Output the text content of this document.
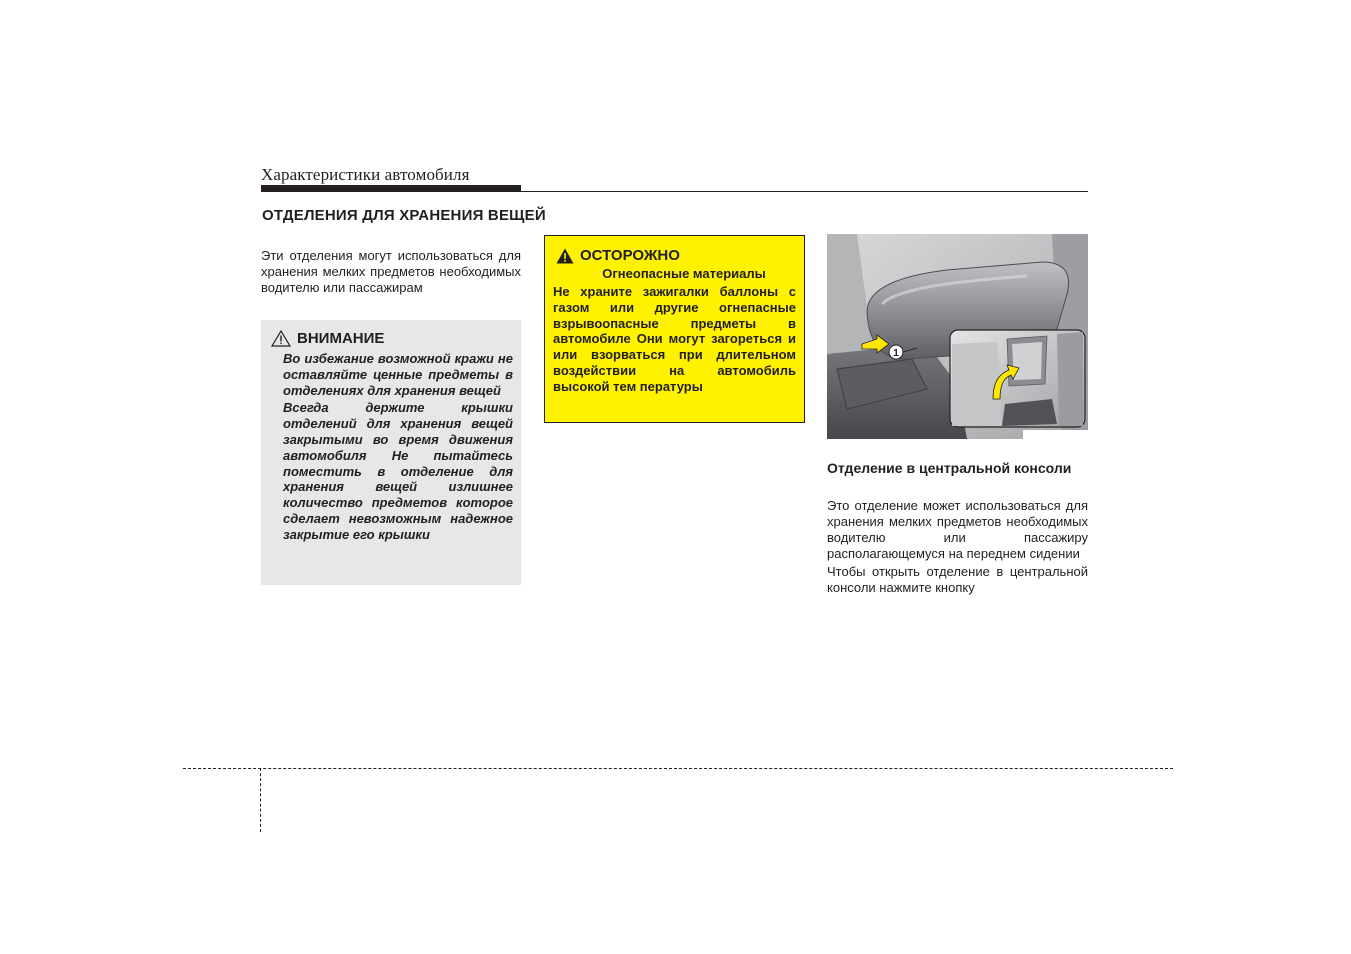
Характеристики автомобиля
ОТДЕЛЕНИЯ ДЛЯ ХРАНЕНИЯ ВЕЩЕЙ
Эти отделения могут использоваться для хранения мелких предметов необходимых водителю или пассажирам
ВНИМАНИЕ

Во избежание возможной кражи не оставляйте ценные предметы в отделениях для хранения вещей

Всегда держите крышки отделений для хранения вещей закрытыми во время движения автомобиля Не пытайтесь поместить в отделение для хранения вещей излишнее количество предметов которое сделает невозможным надежное закрытие его крышки

ОСТОРОЖНО
Огнеопасные материалы
Не храните зажигалки баллоны с газом или другие огнепасные взрывоопасные предметы в автомобиле Они могут загореться и или взорваться при длительном воздействии на автомобиль высокой тем пературы
1
Отделение в центральной консоли

Это отделение может использоваться для хранения мелких предметов необходимых водителю или пассажиру располагающемуся на переднем сидении

Чтобы открыть отделение в центральной консоли нажмите кнопку
